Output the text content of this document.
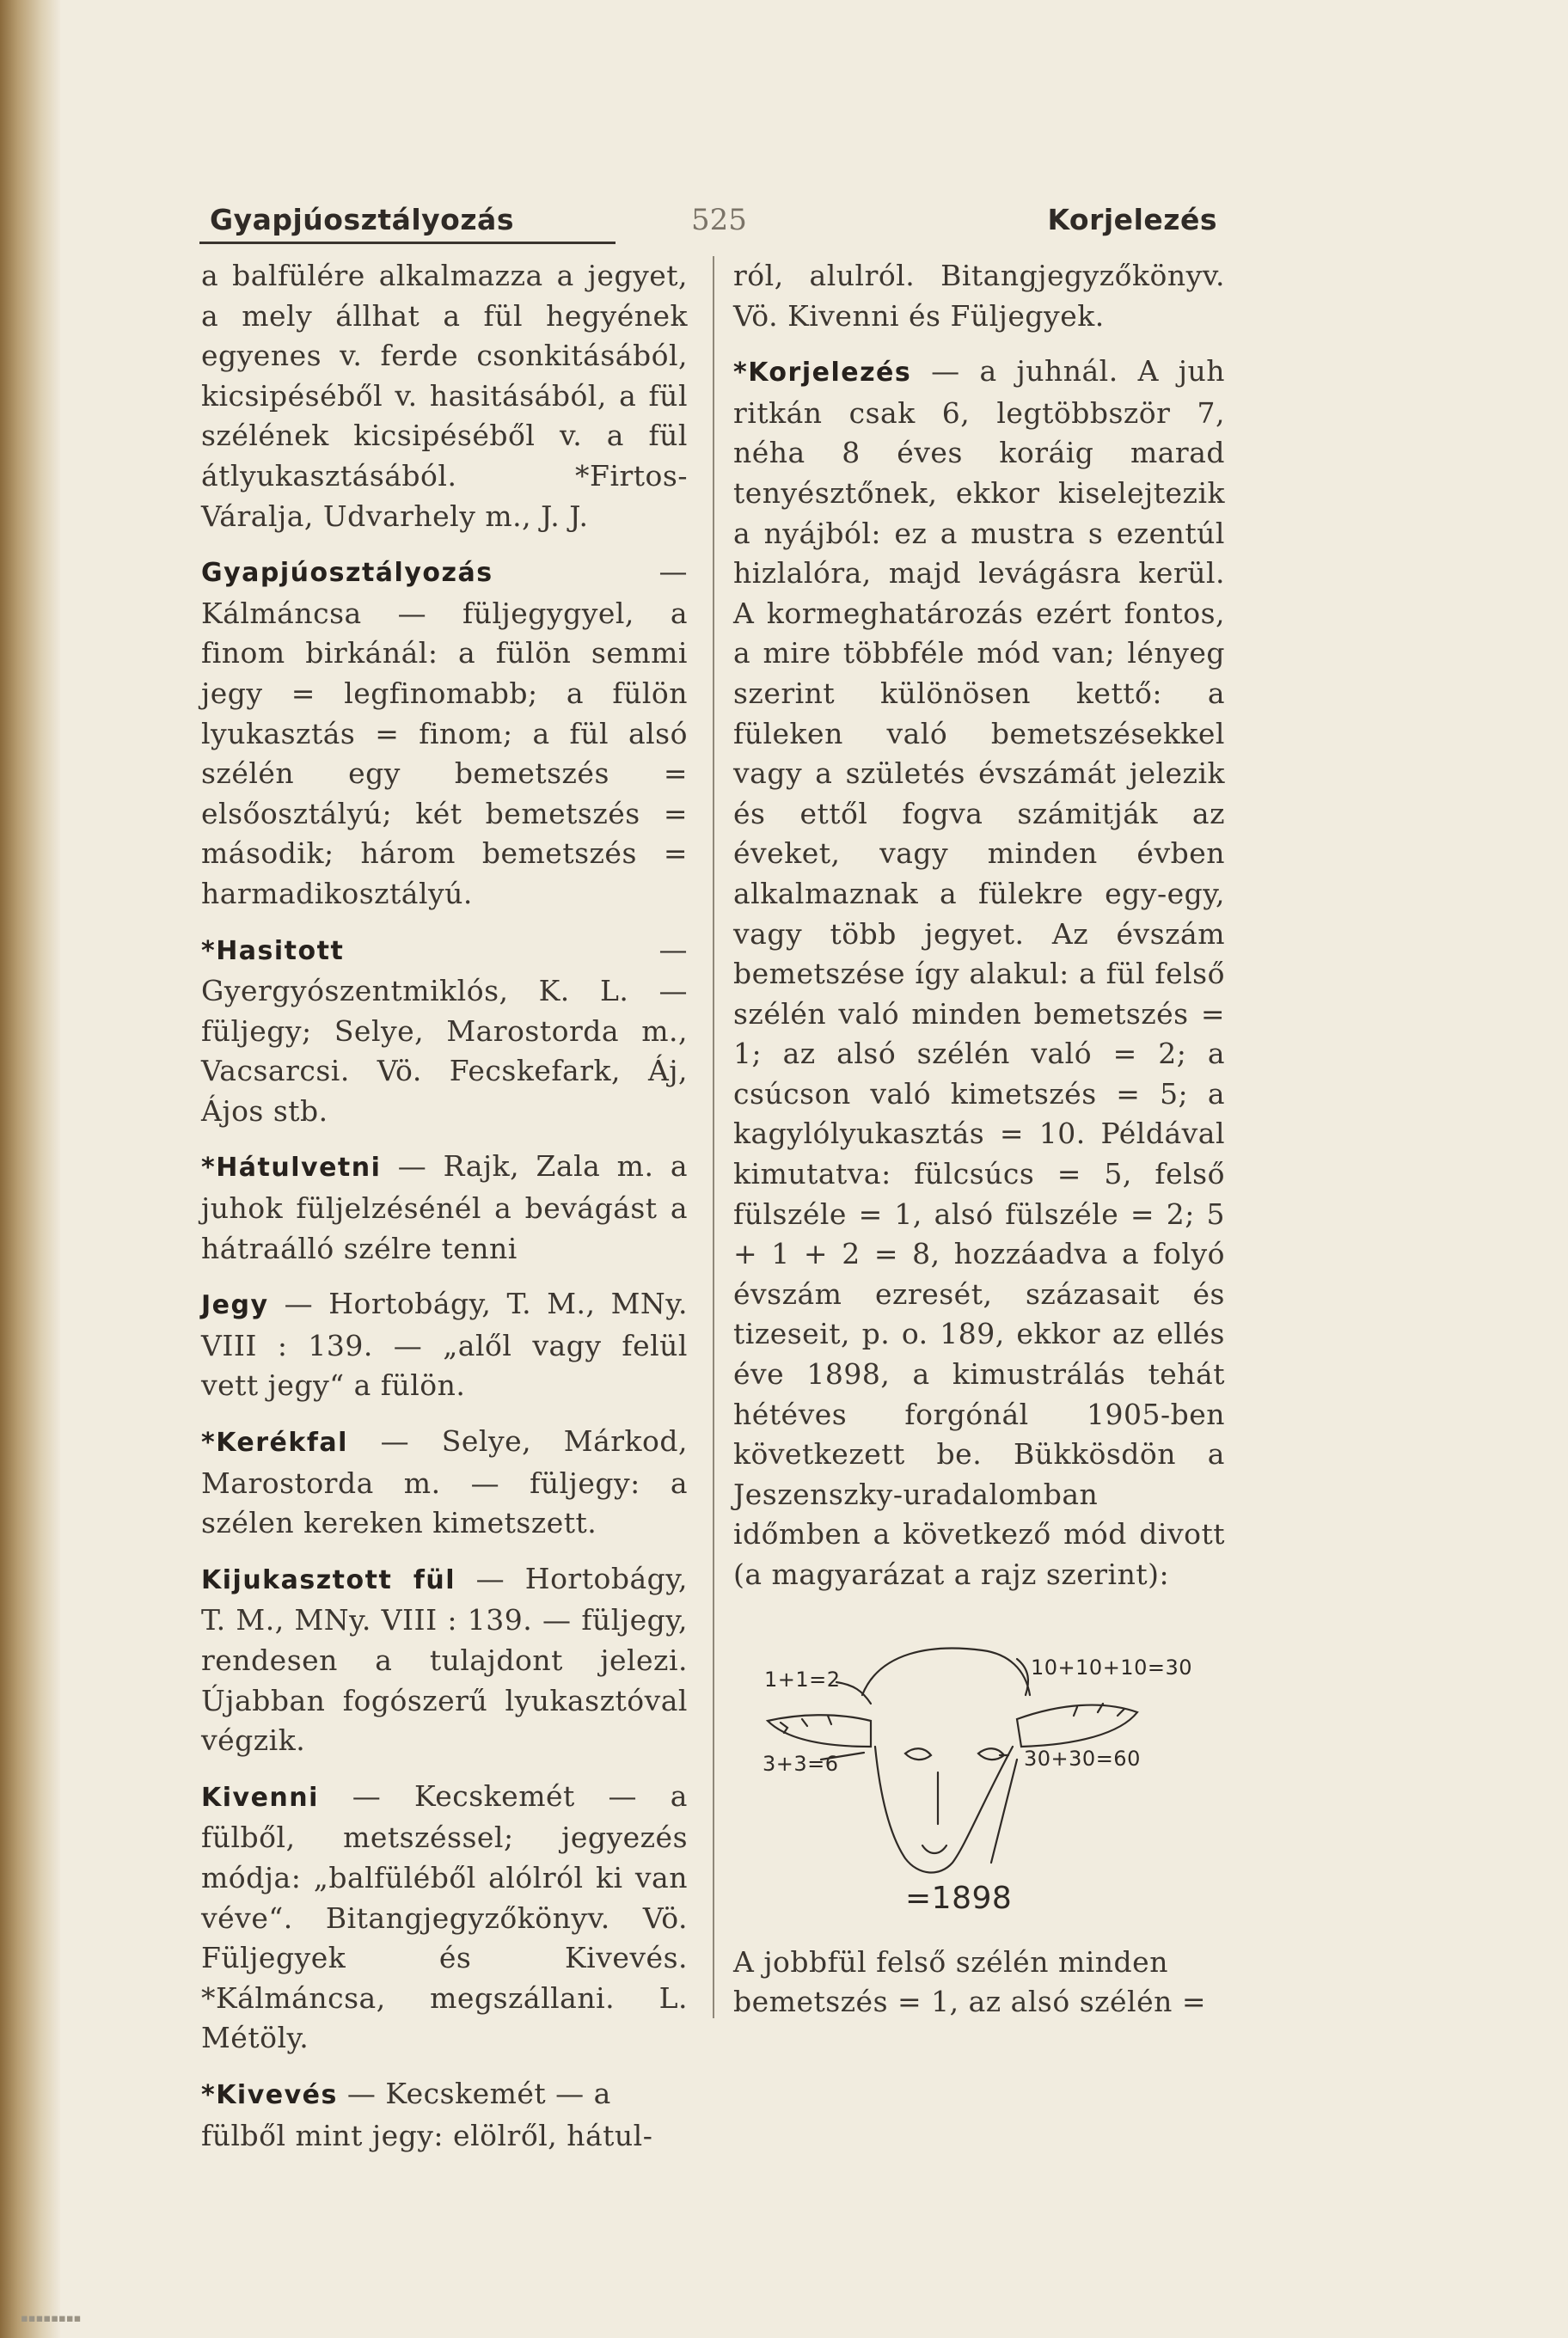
Gyapjúosztályozás	525	Korjelezés

a balfülére alkalmazza a jegyet, a mely állhat a fül hegyének egyenes v. ferde csonkitásából, kicsipéséből v. hasitásából, a fül szélének kicsipéséből v. a fül átlyukasztásából. *Firtos-Váralja, Udvarhely m., J. J.

Gyapjúosztályozás — Kálmáncsa — füljegygyel, a finom birkánál: a fülön semmi jegy = legfinomabb; a fülön lyukasztás = finom; a fül alsó szélén egy bemetszés = elsőosztályú; két bemetszés = második; három bemetszés = harmadikosztályú.

*Hasitott — Gyergyószentmiklós, K. L. — füljegy; Selye, Marostorda m., Vacsarcsi. Vö. Fecskefark, Áj, Ájos stb.

*Hátulvetni — Rajk, Zala m. a juhok füljelzésénél a bevágást a hátraálló szélre tenni

Jegy — Hortobágy, T. M., MNy. VIII : 139. — „alől vagy felül vett jegy“ a fülön.

*Kerékfal — Selye, Márkod, Marostorda m. — füljegy: a szélen kereken kimetszett.

Kijukasztott fül — Hortobágy, T. M., MNy. VIII : 139. — füljegy, rendesen a tulajdont jelezi. Újabban fogószerű lyukasztóval végzik.

Kivenni — Kecskemét — a fülből, metszéssel; jegyezés módja: „balfüléből alólról ki van véve“. Bitangjegyzőkönyv. Vö. Füljegyek és Kivevés. *Kálmáncsa, megszállani. L. Métöly.

*Kivevés — Kecskemét — a fülből mint jegy: elölről, hátul-

ról, alulról. Bitangjegyzőkönyv. Vö. Kivenni és Füljegyek.

*Korjelezés — a juhnál. A juh ritkán csak 6, legtöbbször 7, néha 8 éves koráig marad tenyésztőnek, ekkor kiselejtezik a nyájból: ez a mustra s ezentúl hizlalóra, majd levágásra kerül. A kormeghatározás ezért fontos, a mire többféle mód van; lényeg szerint különösen kettő: a füleken való bemetszésekkel vagy a születés évszámát jelezik és ettől fogva számitják az éveket, vagy minden évben alkalmaznak a fülekre egy-egy, vagy több jegyet. Az évszám bemetszése így alakul: a fül felső szélén való minden bemetszés = 1; az alsó szélén való = 2; a csúcson való kimetszés = 5; a kagylólyukasztás = 10. Példával kimutatva: fülcsúcs = 5, felső fülszéle = 1, alsó fülszéle = 2; 5 + 1 + 2 = 8, hozzáadva a folyó évszám ezresét, százasait és tizeseit, p. o. 189, ekkor az ellés éve 1898, a kimustrálás tehát hétéves forgónál 1905-ben következett be. Bükkösdön a Jeszenszky-uradalomban időmben a következő mód divott (a magyarázat a rajz szerint):

1+1=2	10+10+10=30
3+3=6	30+30=60
=1898

A jobbfül felső szélén minden bemetszés = 1, az alsó szélén =

▪▪▪▪▪▪▪▪
